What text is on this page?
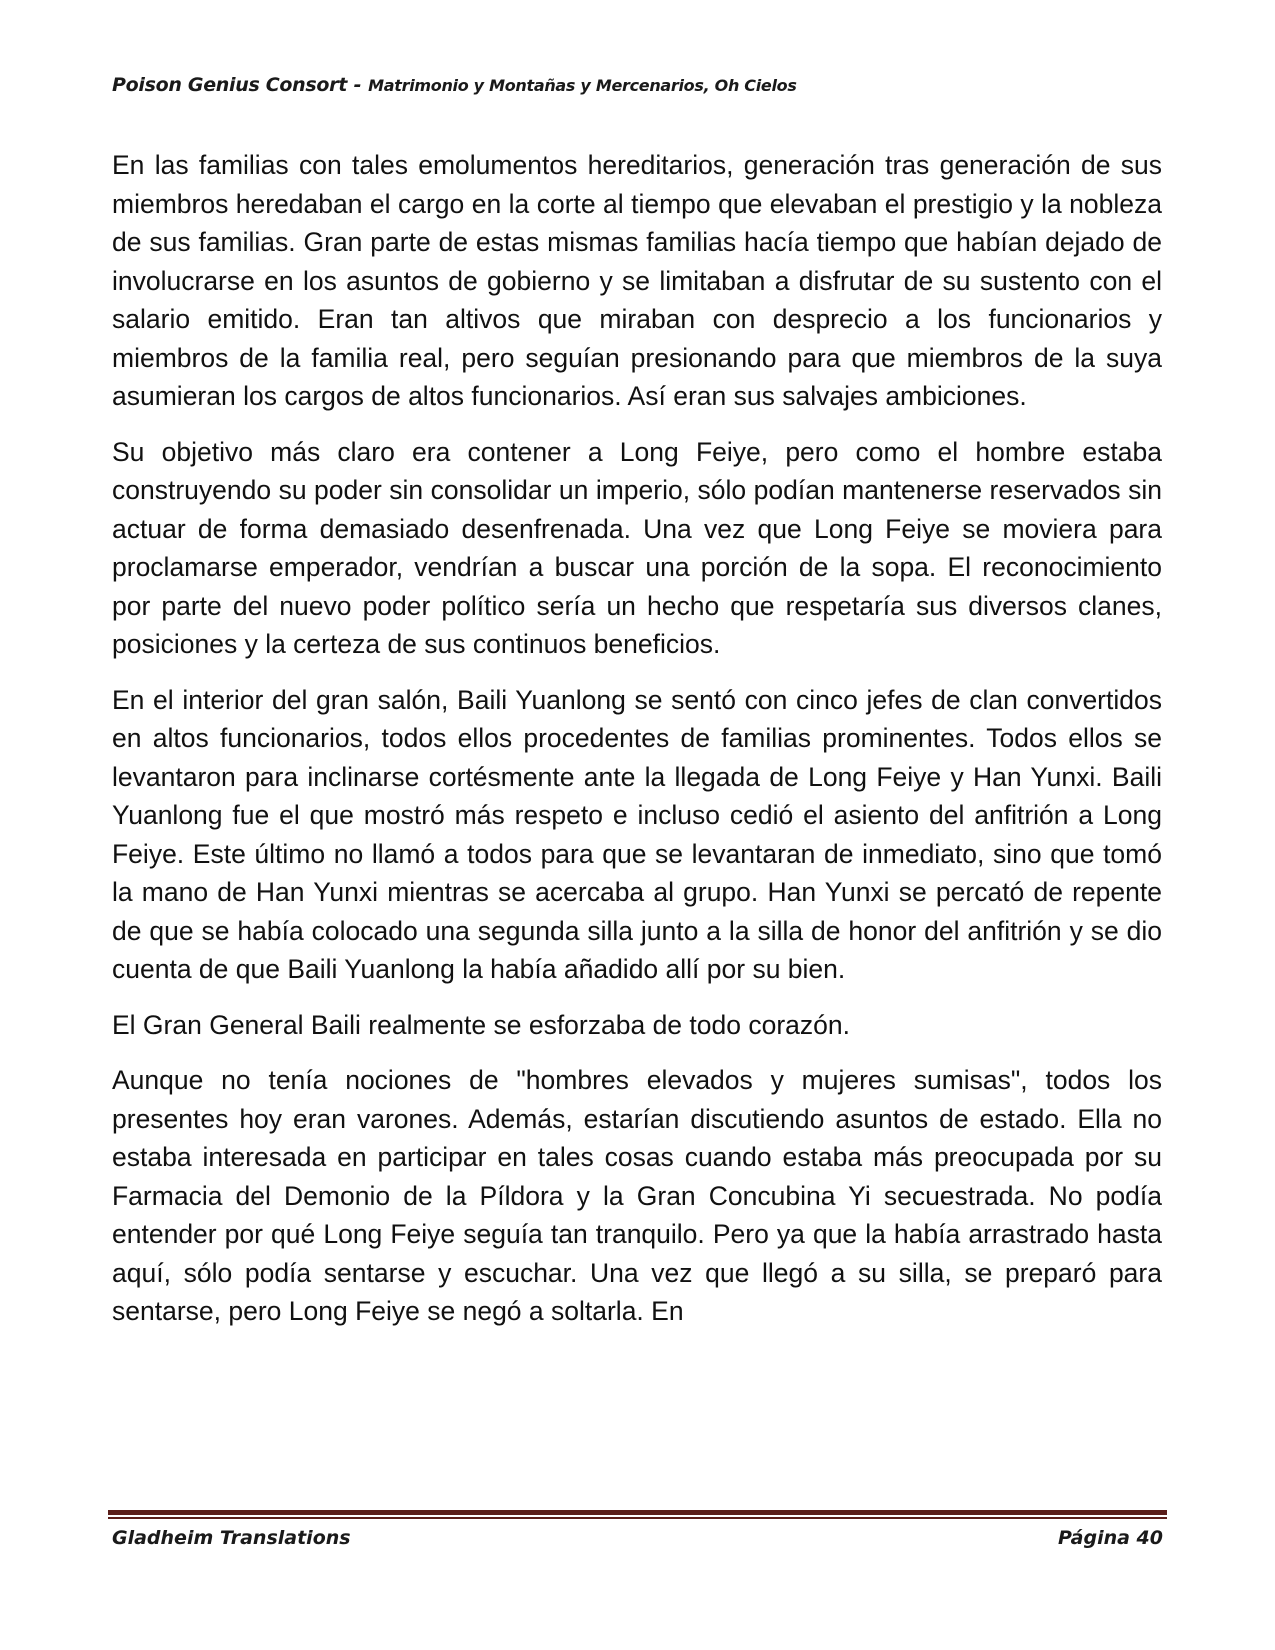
Poison Genius Consort - Matrimonio y Montañas y Mercenarios, Oh Cielos

En las familias con tales emolumentos hereditarios, generación tras generación de sus miembros heredaban el cargo en la corte al tiempo que elevaban el prestigio y la nobleza de sus familias. Gran parte de estas mismas familias hacía tiempo que habían dejado de involucrarse en los asuntos de gobierno y se limitaban a disfrutar de su sustento con el salario emitido. Eran tan altivos que miraban con desprecio a los funcionarios y miembros de la familia real, pero seguían presionando para que miembros de la suya asumieran los cargos de altos funcionarios. Así eran sus salvajes ambiciones.

Su objetivo más claro era contener a Long Feiye, pero como el hombre estaba construyendo su poder sin consolidar un imperio, sólo podían mantenerse reservados sin actuar de forma demasiado desenfrenada. Una vez que Long Feiye se moviera para proclamarse emperador, vendrían a buscar una porción de la sopa. El reconocimiento por parte del nuevo poder político sería un hecho que respetaría sus diversos clanes, posiciones y la certeza de sus continuos beneficios.

En el interior del gran salón, Baili Yuanlong se sentó con cinco jefes de clan convertidos en altos funcionarios, todos ellos procedentes de familias prominentes. Todos ellos se levantaron para inclinarse cortésmente ante la llegada de Long Feiye y Han Yunxi. Baili Yuanlong fue el que mostró más respeto e incluso cedió el asiento del anfitrión a Long Feiye. Este último no llamó a todos para que se levantaran de inmediato, sino que tomó la mano de Han Yunxi mientras se acercaba al grupo. Han Yunxi se percató de repente de que se había colocado una segunda silla junto a la silla de honor del anfitrión y se dio cuenta de que Baili Yuanlong la había añadido allí por su bien.

El Gran General Baili realmente se esforzaba de todo corazón.

Aunque no tenía nociones de "hombres elevados y mujeres sumisas", todos los presentes hoy eran varones. Además, estarían discutiendo asuntos de estado. Ella no estaba interesada en participar en tales cosas cuando estaba más preocupada por su Farmacia del Demonio de la Píldora y la Gran Concubina Yi secuestrada. No podía entender por qué Long Feiye seguía tan tranquilo. Pero ya que la había arrastrado hasta aquí, sólo podía sentarse y escuchar. Una vez que llegó a su silla, se preparó para sentarse, pero Long Feiye se negó a soltarla. En

Gladheim Translations	Página 40
